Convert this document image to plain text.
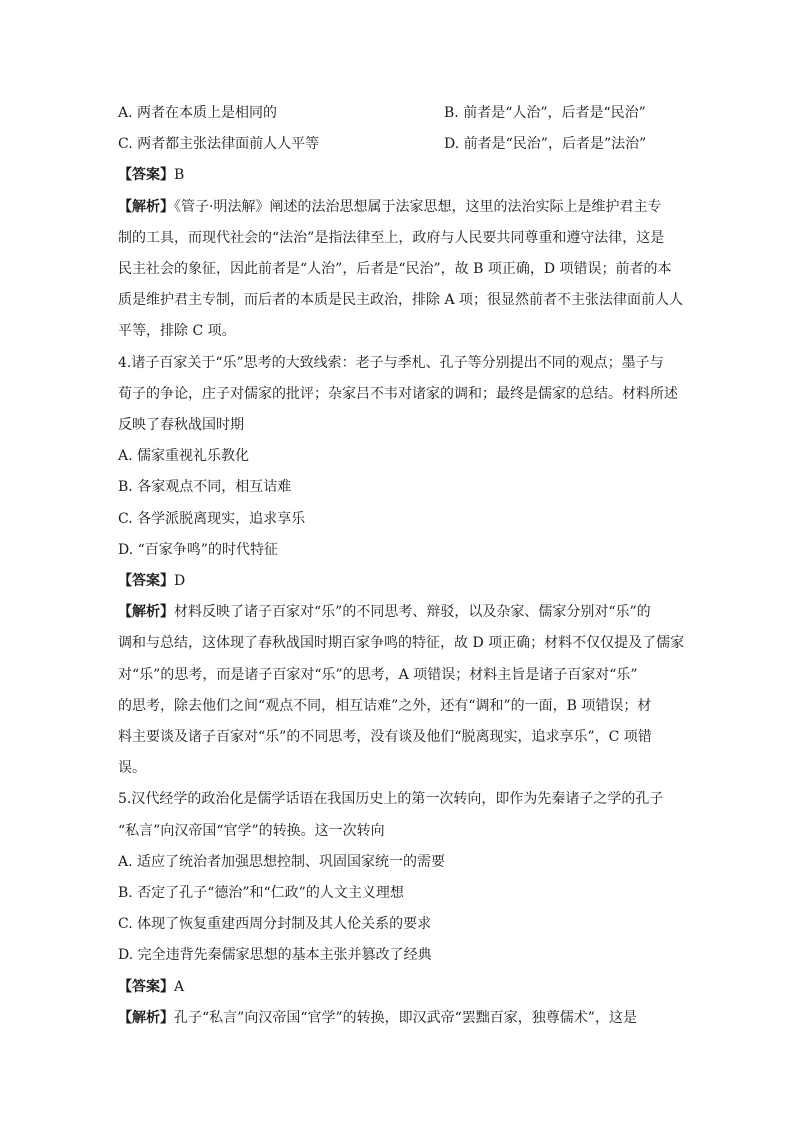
A. 两者在本质上是相同的	B. 前者是“人治”，后者是“民治”
C. 两者都主张法律面前人人平等	D. 前者是“民治”，后者是”法治”
【答案】B
【解析】《管子·明法解》阐述的法治思想属于法家思想，这里的法治实际上是维护君主专
制的工具，而现代社会的“法治”是指法律至上，政府与人民要共同尊重和遵守法律，这是
民主社会的象征，因此前者是“人治”，后者是“民治”，故 B 项正确，D 项错误；前者的本
质是维护君主专制，而后者的本质是民主政治，排除 A 项；很显然前者不主张法律面前人人
平等，排除 C 项。
4.诸子百家关于“乐”思考的大致线索：老子与季札、孔子等分别提出不同的观点；墨子与
荀子的争论，庄子对儒家的批评；杂家吕不韦对诸家的调和；最终是儒家的总结。材料所述
反映了春秋战国时期
A. 儒家重视礼乐教化
B. 各家观点不同，相互诘难
C. 各学派脱离现实，追求享乐
D. “百家争鸣”的时代特征
【答案】D
【解析】材料反映了诸子百家对“乐”的不同思考、辩驳，以及杂家、儒家分别对“乐”的
调和与总结，这体现了春秋战国时期百家争鸣的特征，故 D 项正确；材料不仅仅提及了儒家
对“乐”的思考，而是诸子百家对“乐”的思考，A 项错误；材料主旨是诸子百家对“乐”
的思考，除去他们之间“观点不同，相互诘难”之外，还有“调和”的一面，B 项错误；材
料主要谈及诸子百家对“乐”的不同思考，没有谈及他们“脱离现实，追求享乐”，C 项错
误。
5.汉代经学的政治化是儒学话语在我国历史上的第一次转向，即作为先秦诸子之学的孔子
“私言”向汉帝国“官学”的转换。这一次转向
A. 适应了统治者加强思想控制、巩固国家统一的需要
B. 否定了孔子“德治”和“仁政”的人文主义理想
C. 体现了恢复重建西周分封制及其人伦关系的要求
D. 完全违背先秦儒家思想的基本主张并篡改了经典
【答案】A
【解析】孔子“私言”向汉帝国“官学”的转换，即汉武帝“罢黜百家，独尊儒术”，这是
